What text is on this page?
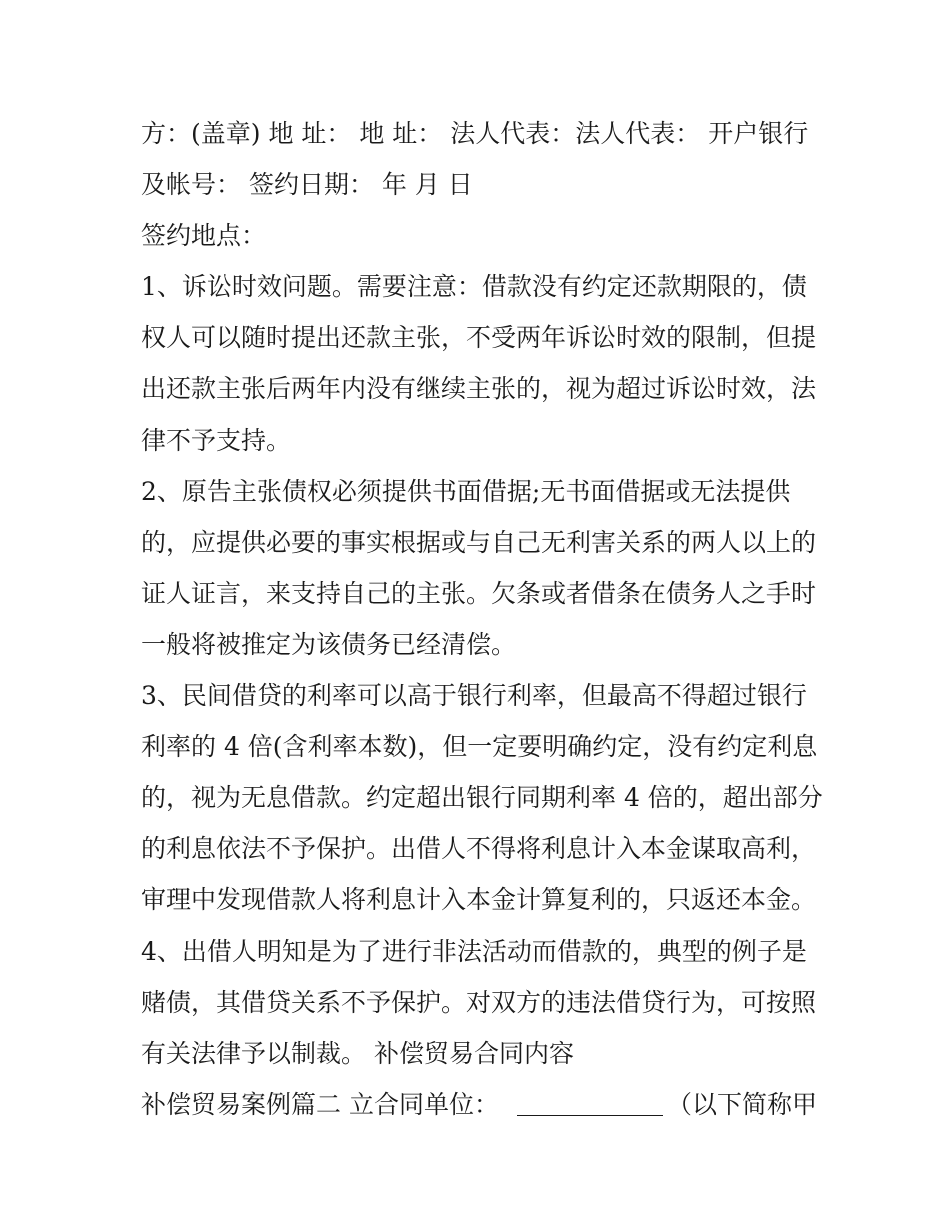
方：(盖章) 地 址： 地 址： 法人代表：法人代表： 开户银行
及帐号： 签约日期： 年 月 日
签约地点：
1、诉讼时效问题。需要注意：借款没有约定还款期限的，债
权人可以随时提出还款主张，不受两年诉讼时效的限制，但提
出还款主张后两年内没有继续主张的，视为超过诉讼时效，法
律不予支持。
2、原告主张债权必须提供书面借据;无书面借据或无法提供
的，应提供必要的事实根据或与自己无利害关系的两人以上的
证人证言，来支持自己的主张。欠条或者借条在债务人之手时
一般将被推定为该债务已经清偿。
3、民间借贷的利率可以高于银行利率，但最高不得超过银行
利率的 4 倍(含利率本数)，但一定要明确约定，没有约定利息
的，视为无息借款。约定超出银行同期利率 4 倍的，超出部分
的利息依法不予保护。出借人不得将利息计入本金谋取高利，
审理中发现借款人将利息计入本金计算复利的，只返还本金。
4、出借人明知是为了进行非法活动而借款的，典型的例子是
赌债，其借贷关系不予保护。对双方的违法借贷行为，可按照
有关法律予以制裁。 补偿贸易合同内容
补偿贸易案例篇二 立合同单位：	（以下简称甲
